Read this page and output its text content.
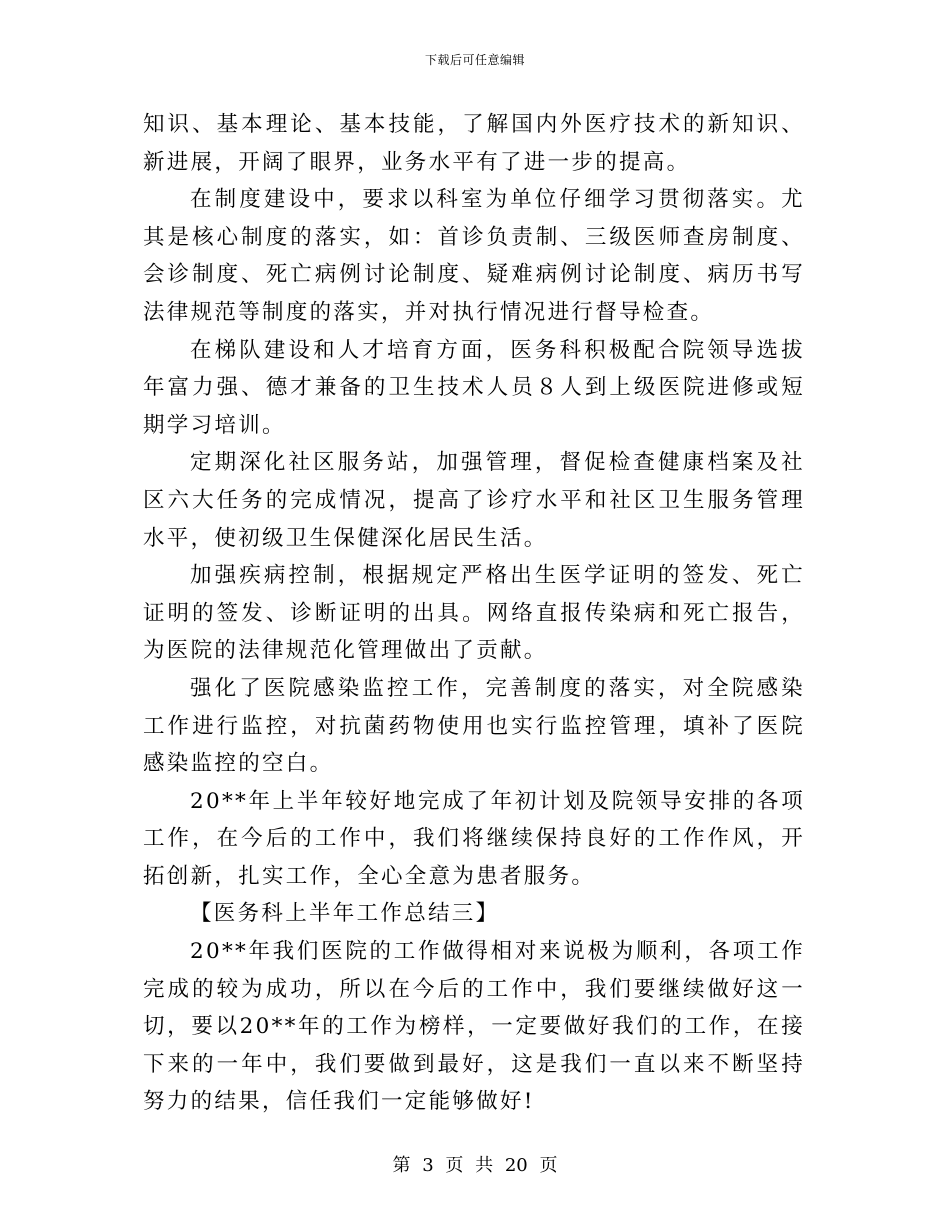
下载后可任意编辑

知识、基本理论、基本技能，了解国内外医疗技术的新知识、新进展，开阔了眼界，业务水平有了进一步的提高。

在制度建设中，要求以科室为单位仔细学习贯彻落实。尤其是核心制度的落实，如：首诊负责制、三级医师查房制度、会诊制度、死亡病例讨论制度、疑难病例讨论制度、病历书写法律规范等制度的落实，并对执行情况进行督导检查。

在梯队建设和人才培育方面，医务科积极配合院领导选拔年富力强、德才兼备的卫生技术人员８人到上级医院进修或短期学习培训。

定期深化社区服务站，加强管理，督促检查健康档案及社区六大任务的完成情况，提高了诊疗水平和社区卫生服务管理水平，使初级卫生保健深化居民生活。

加强疾病控制，根据规定严格出生医学证明的签发、死亡证明的签发、诊断证明的出具。网络直报传染病和死亡报告，为医院的法律规范化管理做出了贡献。

强化了医院感染监控工作，完善制度的落实，对全院感染工作进行监控，对抗菌药物使用也实行监控管理，填补了医院感染监控的空白。

20**年上半年较好地完成了年初计划及院领导安排的各项工作，在今后的工作中，我们将继续保持良好的工作作风，开拓创新，扎实工作，全心全意为患者服务。

【医务科上半年工作总结三】

20**年我们医院的工作做得相对来说极为顺利，各项工作完成的较为成功，所以在今后的工作中，我们要继续做好这一切，要以20**年的工作为榜样，一定要做好我们的工作，在接下来的一年中，我们要做到最好，这是我们一直以来不断坚持努力的结果，信任我们一定能够做好!

第 3 页 共 20 页
